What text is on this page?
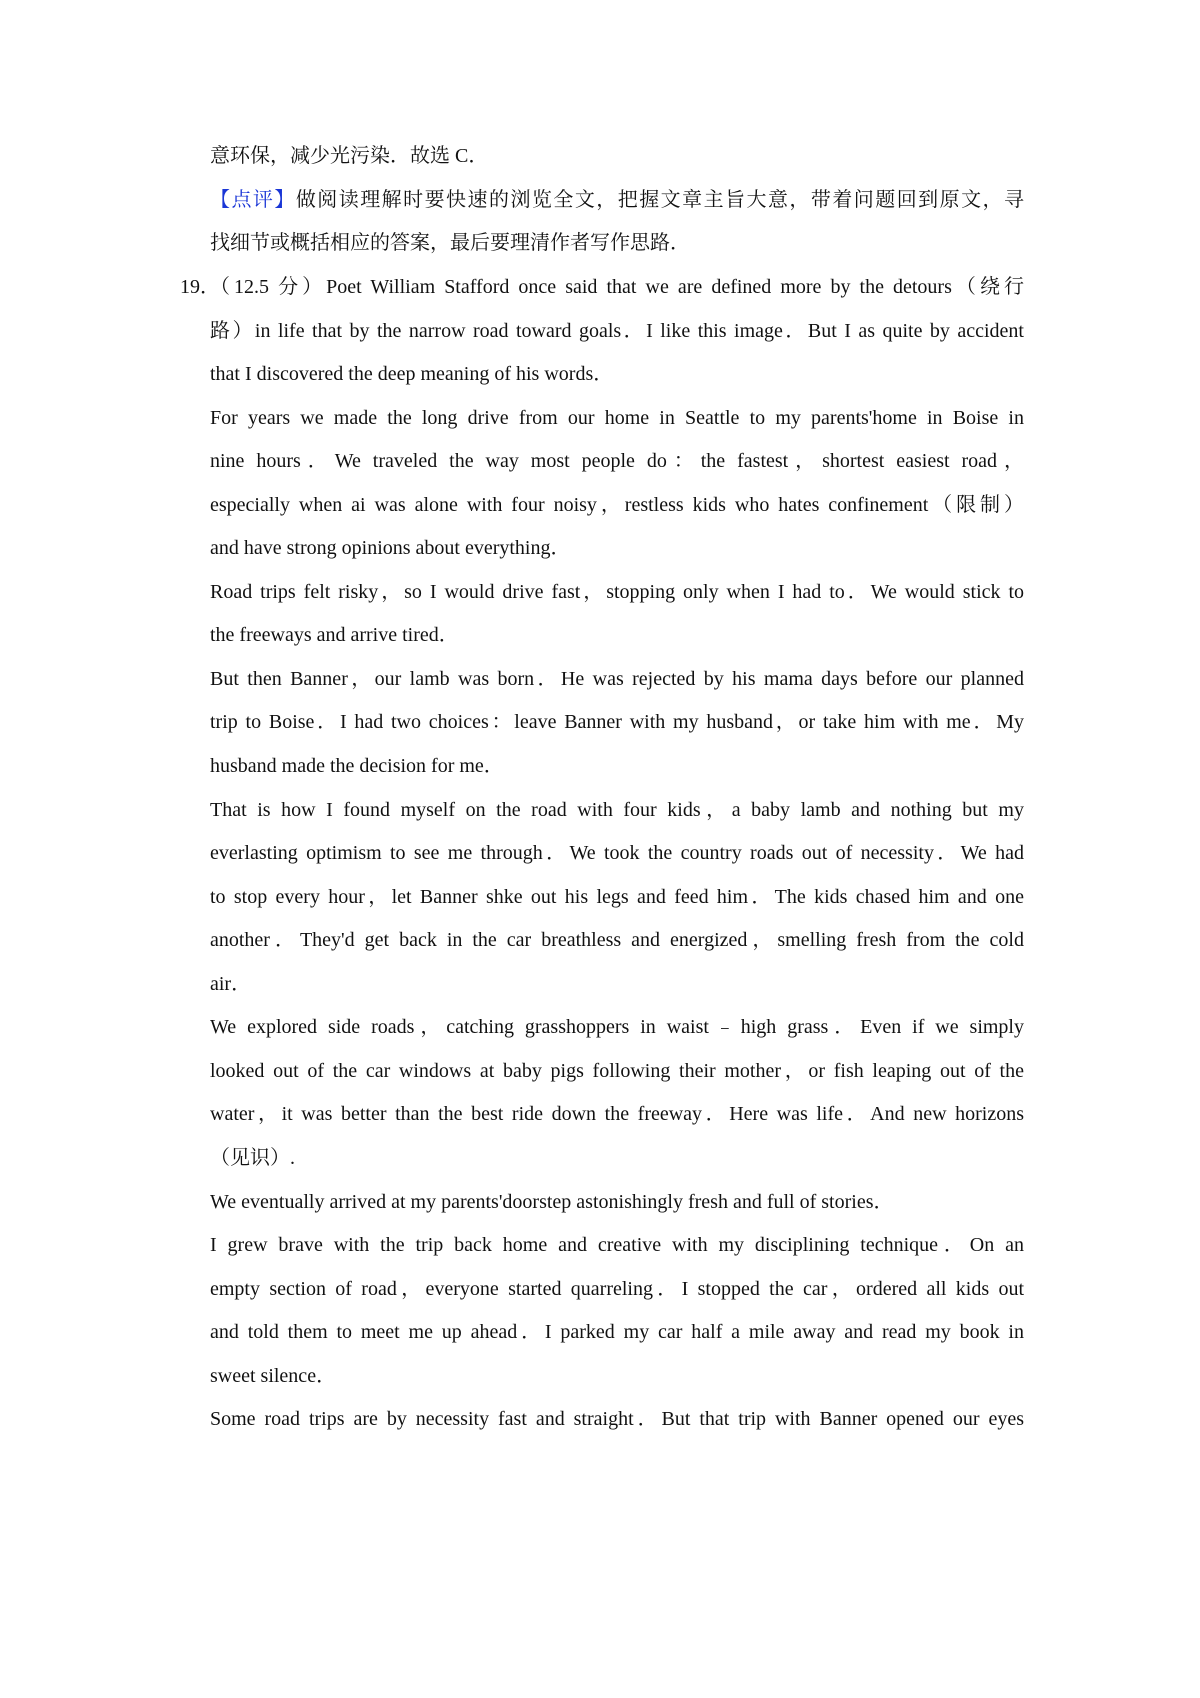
意环保，减少光污染．故选 C．
【点评】做阅读理解时要快速的浏览全文，把握文章主旨大意，带着问题回到原文，寻
找细节或概括相应的答案，最后要理清作者写作思路．
19．
（12.5 分）Poet William Stafford once said that we are defined more by the detours（绕行
路）in life that by the narrow road toward goals．I like this image．But I as quite by accident
that I discovered the deep meaning of his words．
For years we made the long drive from our home in Seattle to my parents'home in Boise in
nine hours．We traveled the way most people do：the fastest，shortest easiest road，
especially when ai was alone with four noisy，restless kids who hates confinement（限制）
and have strong opinions about everything．
Road trips felt risky，so I would drive fast，stopping only when I had to．We would stick to
the freeways and arrive tired．
But then Banner，our lamb was born．He was rejected by his mama days before our planned
trip to Boise．I had two choices：leave Banner with my husband，or take him with me．My
husband made the decision for me．
That is how I found myself on the road with four kids，a baby lamb and nothing but my
everlasting optimism to see me through．We took the country roads out of necessity．We had
to stop every hour，let Banner shke out his legs and feed him．The kids chased him and one
another．They'd get back in the car breathless and energized，smelling fresh from the cold
air．
We explored side roads，catching grasshoppers in waist﹣high grass．Even if we simply
looked out of the car windows at baby pigs following their mother，or fish leaping out of the
water，it was better than the best ride down the freeway．Here was life．And new horizons
（见识）.
We eventually arrived at my parents'doorstep astonishingly fresh and full of stories．
I grew brave with the trip back home and creative with my disciplining technique．On an
empty section of road，everyone started quarreling．I stopped the car，ordered all kids out
and told them to meet me up ahead．I parked my car half a mile away and read my book in
sweet silence．
Some road trips are by necessity fast and straight．But that trip with Banner opened our eyes
